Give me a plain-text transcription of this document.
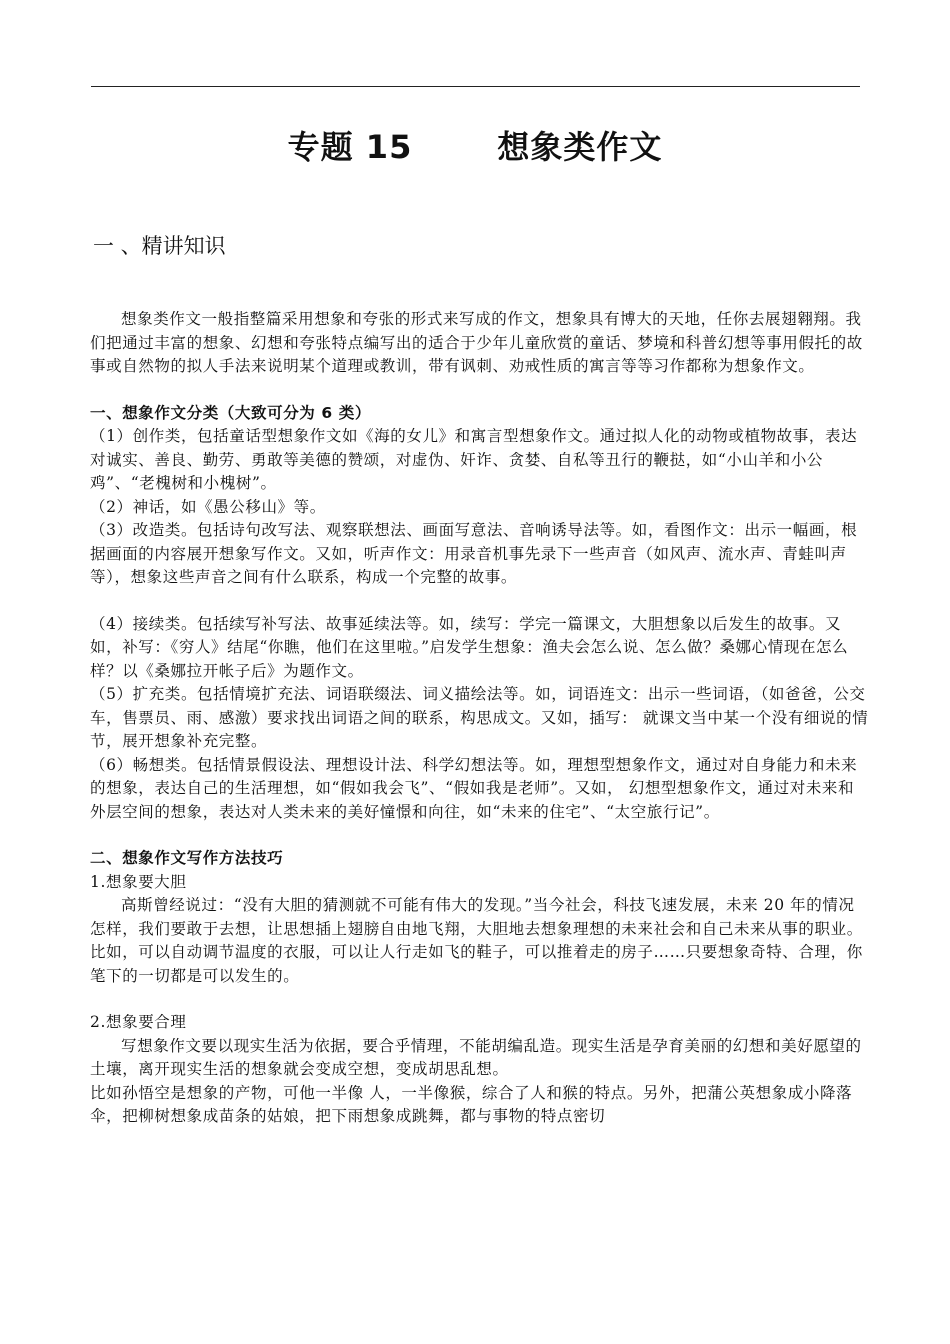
专题 15       想象类作文
一 、精讲知识

想象类作文一般指整篇采用想象和夸张的形式来写成的作文，想象具有博大的天地，任你去展翅翱翔。我们把通过丰富的想象、幻想和夸张特点编写出的适合于少年儿童欣赏的童话、梦境和科普幻想等事用假托的故事或自然物的拟人手法来说明某个道理或教训，带有讽刺、劝戒性质的寓言等等习作都称为想象作文。

一、想象作文分类（大致可分为 6 类）

（1）创作类，包括童话型想象作文如《海的女儿》和寓言型想象作文。通过拟人化的动物或植物故事，表达对诚实、善良、勤劳、勇敢等美德的赞颂，对虚伪、奸诈、贪婪、自私等丑行的鞭挞，如“小山羊和小公鸡”、“老槐树和小槐树”。

（2）神话，如《愚公移山》等。

（3）改造类。包括诗句改写法、观察联想法、画面写意法、音响诱导法等。如，看图作文：出示一幅画，根据画面的内容展开想象写作文。又如，听声作文：用录音机事先录下一些声音（如风声、流水声、青蛙叫声等），想象这些声音之间有什么联系，构成一个完整的故事。

（4）接续类。包括续写补写法、故事延续法等。如，续写：学完一篇课文，大胆想象以后发生的故事。又如，补写：《穷人》结尾“你瞧，他们在这里啦。”启发学生想象：渔夫会怎么说、怎么做？桑娜心情现在怎么样？以《桑娜拉开帐子后》为题作文。

（5）扩充类。包括情境扩充法、词语联缀法、词义描绘法等。如，词语连文：出示一些词语，（如爸爸，公交车，售票员、雨、感激）要求找出词语之间的联系，构思成文。又如，插写： 就课文当中某一个没有细说的情节，展开想象补充完整。

（6）畅想类。包括情景假设法、理想设计法、科学幻想法等。如，理想型想象作文，通过对自身能力和未来的想象，表达自己的生活理想，如“假如我会飞”、“假如我是老师”。又如， 幻想型想象作文，通过对未来和外层空间的想象，表达对人类未来的美好憧憬和向往，如“未来的住宅”、“太空旅行记”。

二、想象作文写作方法技巧

1.想象要大胆

高斯曾经说过：“没有大胆的猜测就不可能有伟大的发现。”当今社会，科技飞速发展，未来 20 年的情况怎样，我们要敢于去想，让思想插上翅膀自由地飞翔，大胆地去想象理想的未来社会和自己未来从事的职业。比如，可以自动调节温度的衣服，可以让人行走如飞的鞋子，可以推着走的房子……只要想象奇特、合理，你笔下的一切都是可以发生的。

2.想象要合理

写想象作文要以现实生活为依据，要合乎情理，不能胡编乱造。现实生活是孕育美丽的幻想和美好愿望的土壤，离开现实生活的想象就会变成空想，变成胡思乱想。

比如孙悟空是想象的产物，可他一半像 人，一半像猴，综合了人和猴的特点。另外，把蒲公英想象成小降落伞，把柳树想象成苗条的姑娘，把下雨想象成跳舞，都与事物的特点密切
